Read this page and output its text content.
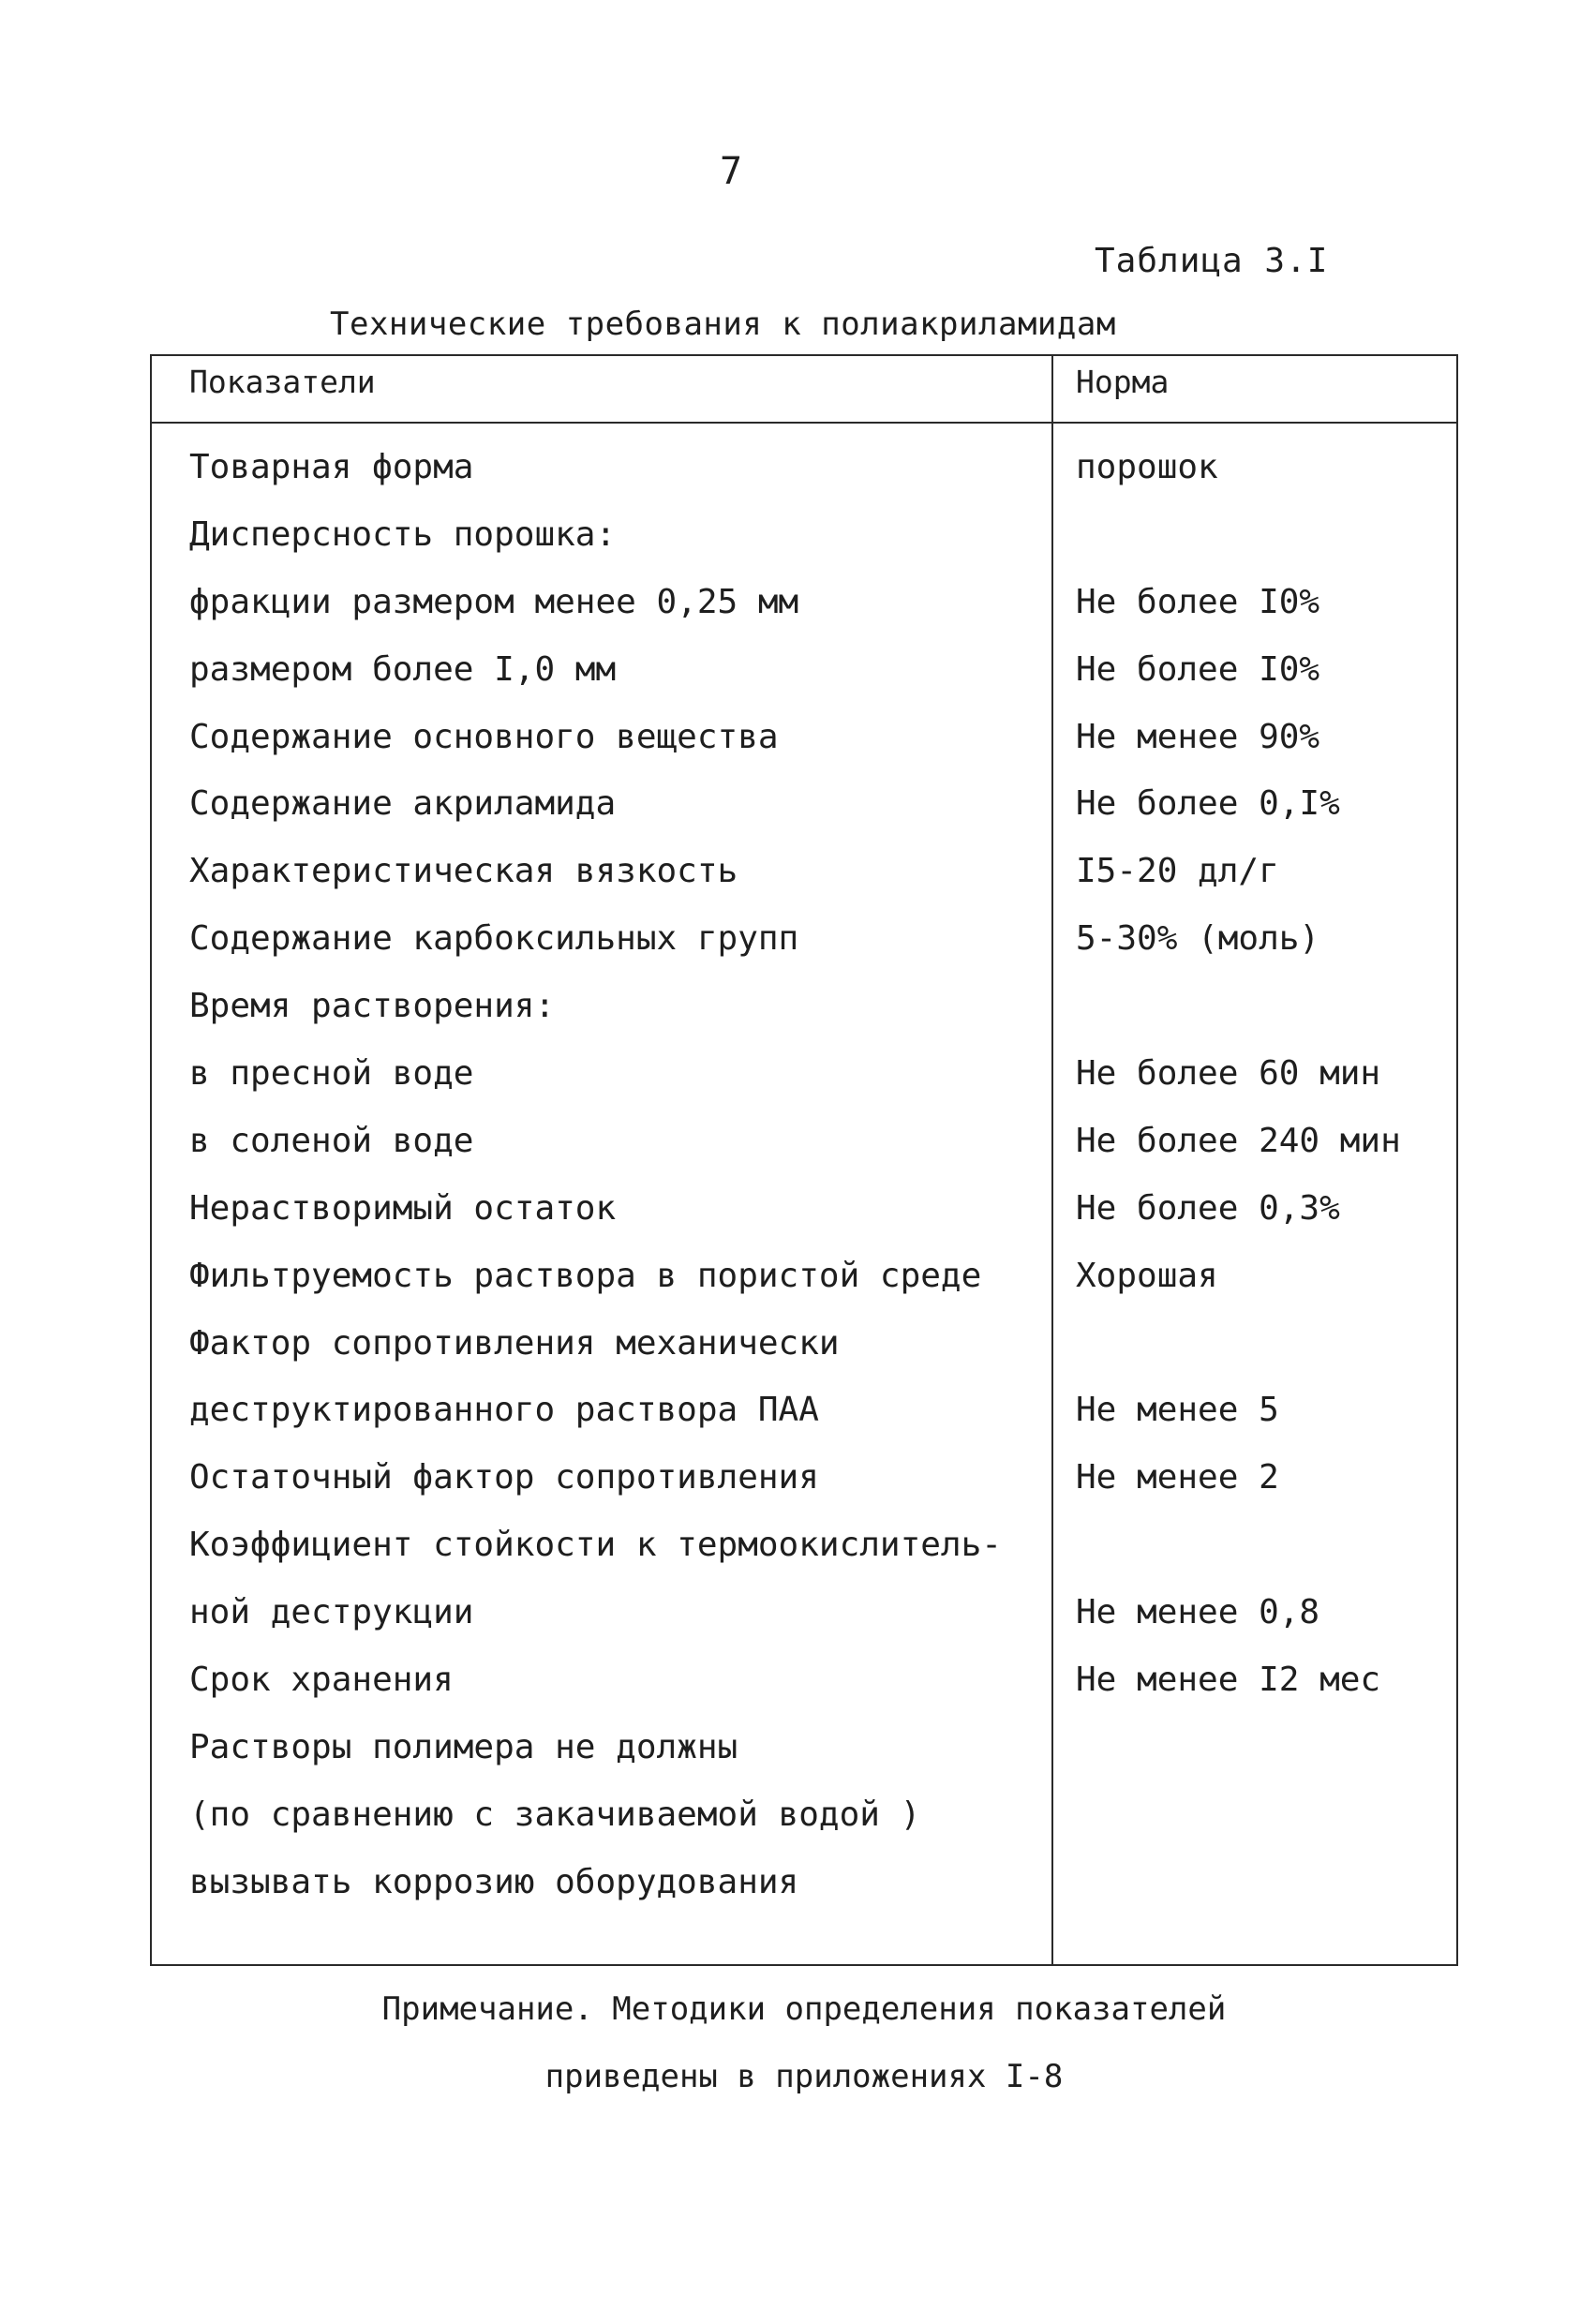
7
Таблица 3.I
Технические требования к полиакриламидам
Показатели	Норма
Товарная форма	порошок
Дисперсность порошка:
фракции размером менее 0,25 мм	Не более I0%
размером более I,0 мм	Не более I0%
Содержание основного вещества	Не менее 90%
Содержание акриламида	Не более 0,I%
Характеристическая вязкость	I5-20 дл/г
Содержание карбоксильных групп	5-30% (моль)
Время растворения:
в пресной воде	Не более 60 мин
в соленой воде	Не более 240 мин
Нерастворимый остаток	Не более 0,3%
Фильтруемость раствора в пористой среде	Хорошая
Фактор сопротивления механически
деструктированного раствора ПАА	Не менее 5
Остаточный фактор сопротивления	Не менее 2
Коэффициент стойкости к термоокислитель-
ной деструкции	Не менее 0,8
Срок хранения	Не менее I2 мес
Растворы полимера не должны
(по сравнению с закачиваемой водой )
вызывать коррозию оборудования
Примечание. Методики определения показателей
приведены в приложениях I-8
